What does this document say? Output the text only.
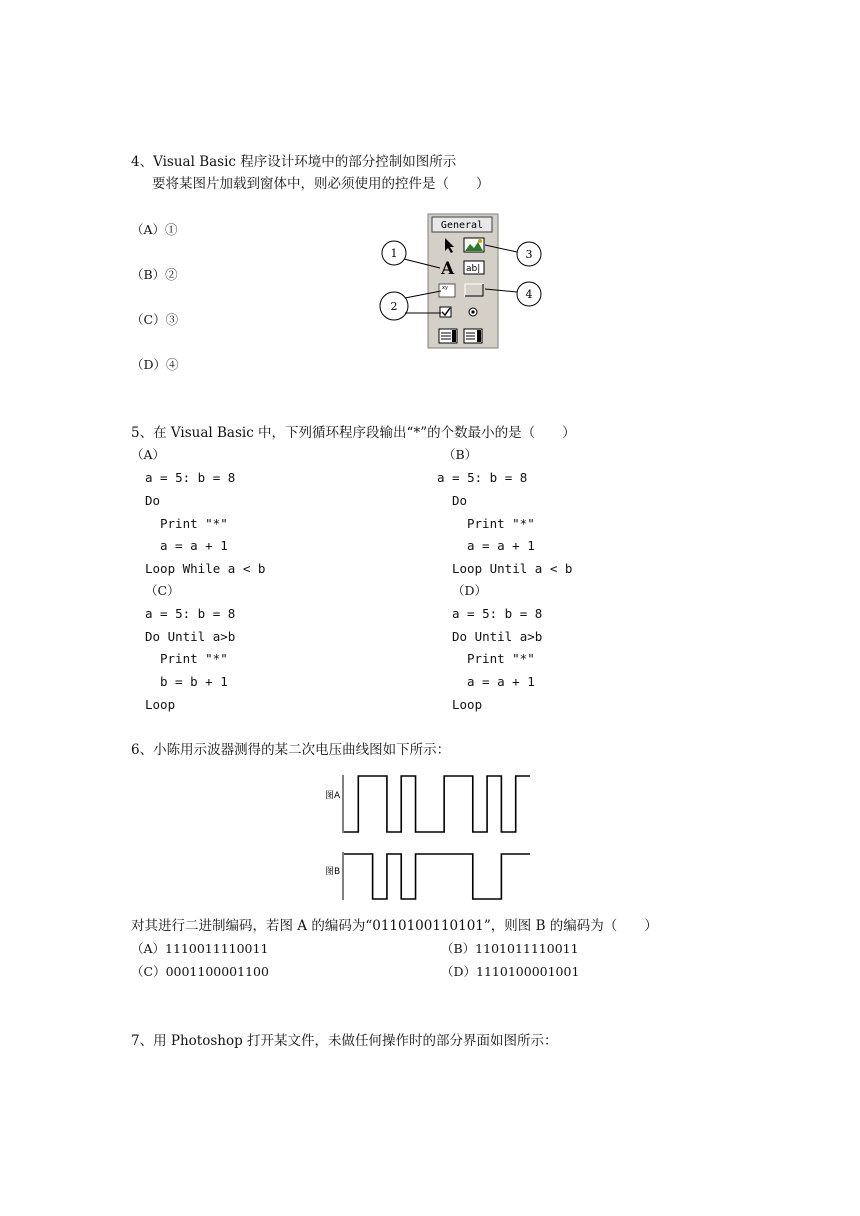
4、Visual Basic 程序设计环境中的部分控制如图所示
要将某图片加载到窗体中，则必须使用的控件是（　　）
（A）①
（B）②
（C）③
（D）④
General
A ab|
xy
1
2
3
4
5、在 Visual Basic 中，下列循环程序段输出“*”的个数最小的是（　　）
（A）
a = 5: b = 8
Do
Print "*"
a = a + 1
Loop While a < b
（B）
a = 5: b = 8
Do
Print "*"
a = a + 1
Loop Until a < b
（C）
a = 5: b = 8
Do Until a>b
Print "*"
b = b + 1
Loop
（D）
a = 5: b = 8
Do Until a>b
Print "*"
a = a + 1
Loop
6、小陈用示波器测得的某二次电压曲线图如下所示：
图A
图B
对其进行二进制编码，若图 A 的编码为“0110100110101”，则图 B 的编码为（　　）
（A）1110011110011	（B）1101011110011
（C）0001100001100	（D）1110100001001
7、用 Photoshop 打开某文件，未做任何操作时的部分界面如图所示：
